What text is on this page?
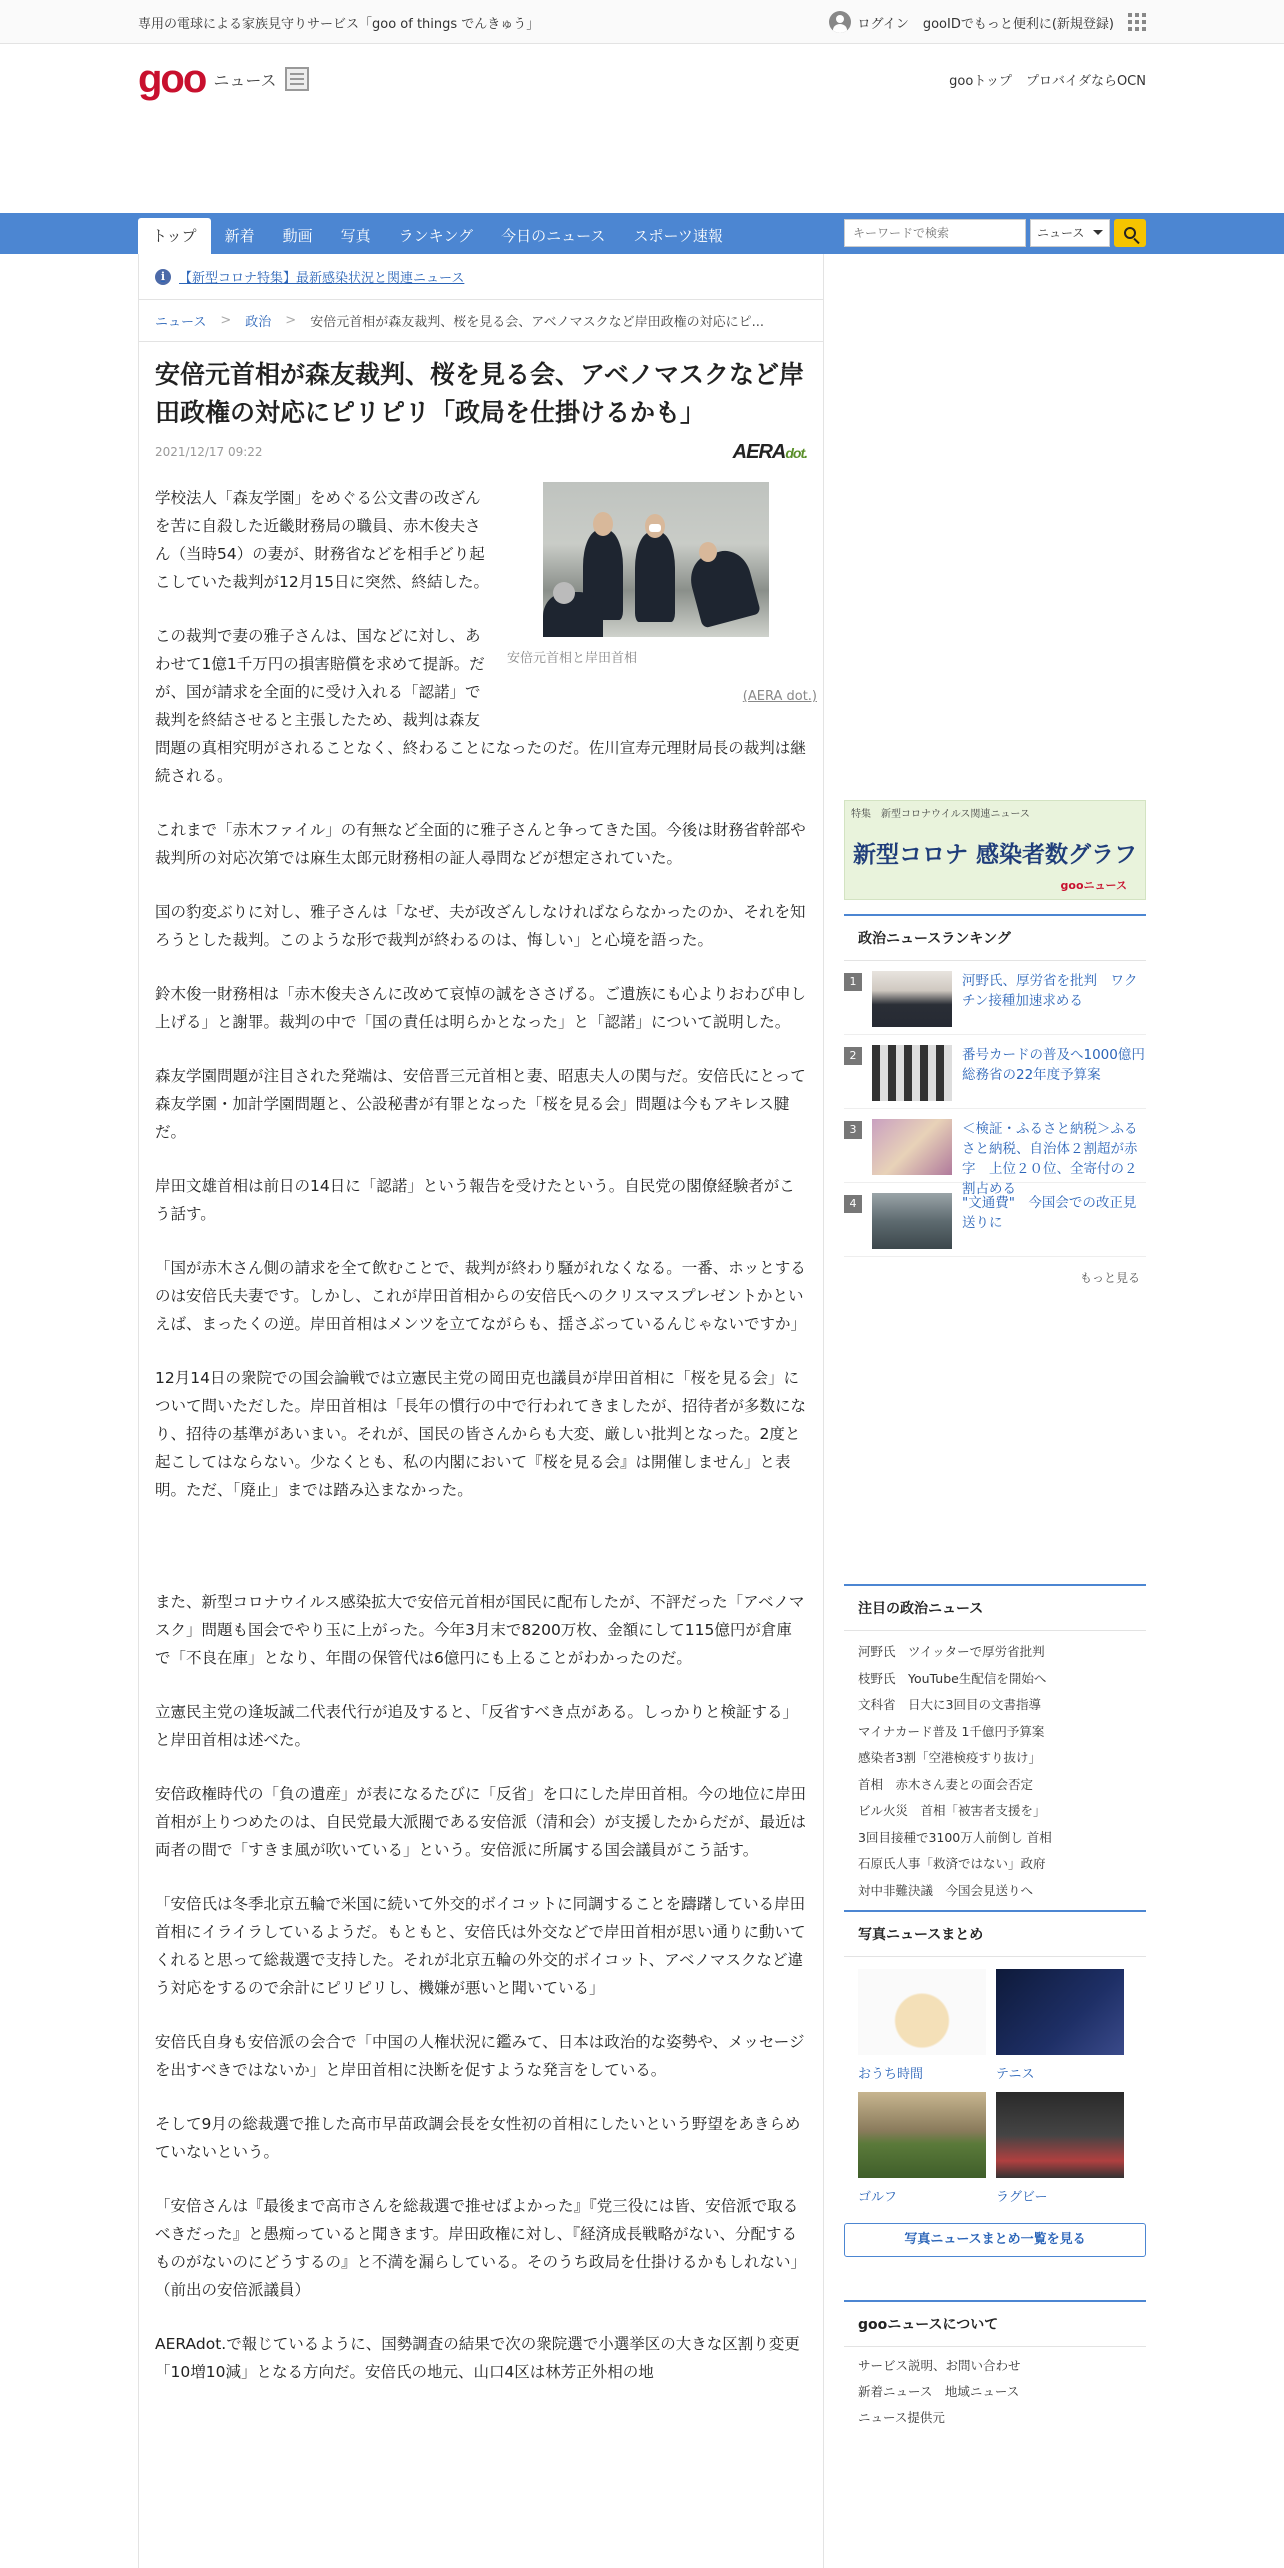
専用の電球による家族見守りサービス「goo of things でんきゅう」	ログイン gooIDでもっと便利に(新規登録)
goo ニュース	gooトップ プロバイダならOCN
トップ	新着	動画	写真	ランキング	今日のニュース	スポーツ速報
キーワードで検索	ニュース
i	【新型コロナ特集】最新感染状況と関連ニュース
ニュース > 政治 > 安倍元首相が森友裁判、桜を見る会、アベノマスクなど岸田政権の対応にピ...
安倍元首相が森友裁判、桜を見る会、アベノマスクなど岸田政権の対応にピリピリ「政局を仕掛けるかも」
2021/12/17 09:22	AERAdot.
安倍元首相と岸田首相
(AERA dot.)
学校法人「森友学園」をめぐる公文書の改ざんを苦に自殺した近畿財務局の職員、赤木俊夫さん（当時54）の妻が、財務省などを相手どり起こしていた裁判が12月15日に突然、終結した。

この裁判で妻の雅子さんは、国などに対し、あわせて1億1千万円の損害賠償を求めて提訴。だが、国が請求を全面的に受け入れる「認諾」で裁判を終結させると主張したため、裁判は森友問題の真相究明がされることなく、終わることになったのだ。佐川宣寿元理財局長の裁判は継続される。

これまで「赤木ファイル」の有無など全面的に雅子さんと争ってきた国。今後は財務省幹部や裁判所の対応次第では麻生太郎元財務相の証人尋問などが想定されていた。

国の豹変ぶりに対し、雅子さんは「なぜ、夫が改ざんしなければならなかったのか、それを知ろうとした裁判。このような形で裁判が終わるのは、悔しい」と心境を語った。

鈴木俊一財務相は「赤木俊夫さんに改めて哀悼の誠をささげる。ご遺族にも心よりおわび申し上げる」と謝罪。裁判の中で「国の責任は明らかとなった」と「認諾」について説明した。

森友学園問題が注目された発端は、安倍晋三元首相と妻、昭恵夫人の関与だ。安倍氏にとって森友学園・加計学園問題と、公設秘書が有罪となった「桜を見る会」問題は今もアキレス腱だ。

岸田文雄首相は前日の14日に「認諾」という報告を受けたという。自民党の閣僚経験者がこう話す。

「国が赤木さん側の請求を全て飲むことで、裁判が終わり騒がれなくなる。一番、ホッとするのは安倍氏夫妻です。しかし、これが岸田首相からの安倍氏へのクリスマスプレゼントかといえば、まったくの逆。岸田首相はメンツを立てながらも、揺さぶっているんじゃないですか」

12月14日の衆院での国会論戦では立憲民主党の岡田克也議員が岸田首相に「桜を見る会」について問いただした。岸田首相は「長年の慣行の中で行われてきましたが、招待者が多数になり、招待の基準があいまい。それが、国民の皆さんからも大変、厳しい批判となった。2度と起こしてはならない。少なくとも、私の内閣において『桜を見る会』は開催しません」と表明。ただ、「廃止」までは踏み込まなかった。

また、新型コロナウイルス感染拡大で安倍元首相が国民に配布したが、不評だった「アベノマスク」問題も国会でやり玉に上がった。今年3月末で8200万枚、金額にして115億円が倉庫で「不良在庫」となり、年間の保管代は6億円にも上ることがわかったのだ。

立憲民主党の逢坂誠二代表代行が追及すると、「反省すべき点がある。しっかりと検証する」と岸田首相は述べた。

安倍政権時代の「負の遺産」が表になるたびに「反省」を口にした岸田首相。今の地位に岸田首相が上りつめたのは、自民党最大派閥である安倍派（清和会）が支援したからだが、最近は両者の間で「すきま風が吹いている」という。安倍派に所属する国会議員がこう話す。

「安倍氏は冬季北京五輪で米国に続いて外交的ボイコットに同調することを躊躇している岸田首相にイライラしているようだ。もともと、安倍氏は外交などで岸田首相が思い通りに動いてくれると思って総裁選で支持した。それが北京五輪の外交的ボイコット、アベノマスクなど違う対応をするので余計にピリピリし、機嫌が悪いと聞いている」

安倍氏自身も安倍派の会合で「中国の人権状況に鑑みて、日本は政治的な姿勢や、メッセージを出すべきではないか」と岸田首相に決断を促すような発言をしている。

そして9月の総裁選で推した高市早苗政調会長を女性初の首相にしたいという野望をあきらめていないという。

「安倍さんは『最後まで高市さんを総裁選で推せばよかった』『党三役には皆、安倍派で取るべきだった』と愚痴っていると聞きます。岸田政権に対し、『経済成長戦略がない、分配するものがないのにどうするの』と不満を漏らしている。そのうち政局を仕掛けるかもしれない」（前出の安倍派議員）

AERAdot.で報じているように、国勢調査の結果で次の衆院選で小選挙区の大きな区割り変更「10増10減」となる方向だ。安倍氏の地元、山口4区は林芳正外相の地

特集　新型コロナウイルス関連ニュース
新型コロナ 感染者数グラフ
gooニュース
政治ニュースランキング
1	河野氏、厚労省を批判　ワクチン接種加速求める
2	番号カードの普及へ1000億円　総務省の22年度予算案
3	＜検証・ふるさと納税＞ふるさと納税、自治体２割超が赤字　上位２０位、全寄付の２割占める
4	"文通費"　今国会での改正見送りに
もっと見る
注目の政治ニュース
河野氏　ツイッターで厚労省批判
枝野氏　YouTube生配信を開始へ
文科省　日大に3回目の文書指導
マイナカード普及 1千億円予算案
感染者3割「空港検疫すり抜け」
首相　赤木さん妻との面会否定
ビル火災　首相「被害者支援を」
3回目接種で3100万人前倒し 首相
石原氏人事「救済ではない」政府
対中非難決議　今国会見送りへ
写真ニュースまとめ
おうち時間	テニス
ゴルフ	ラグビー
写真ニュースまとめ一覧を見る
gooニュースについて
サービス説明、お問い合わせ
新着ニュース　地域ニュース
ニュース提供元
